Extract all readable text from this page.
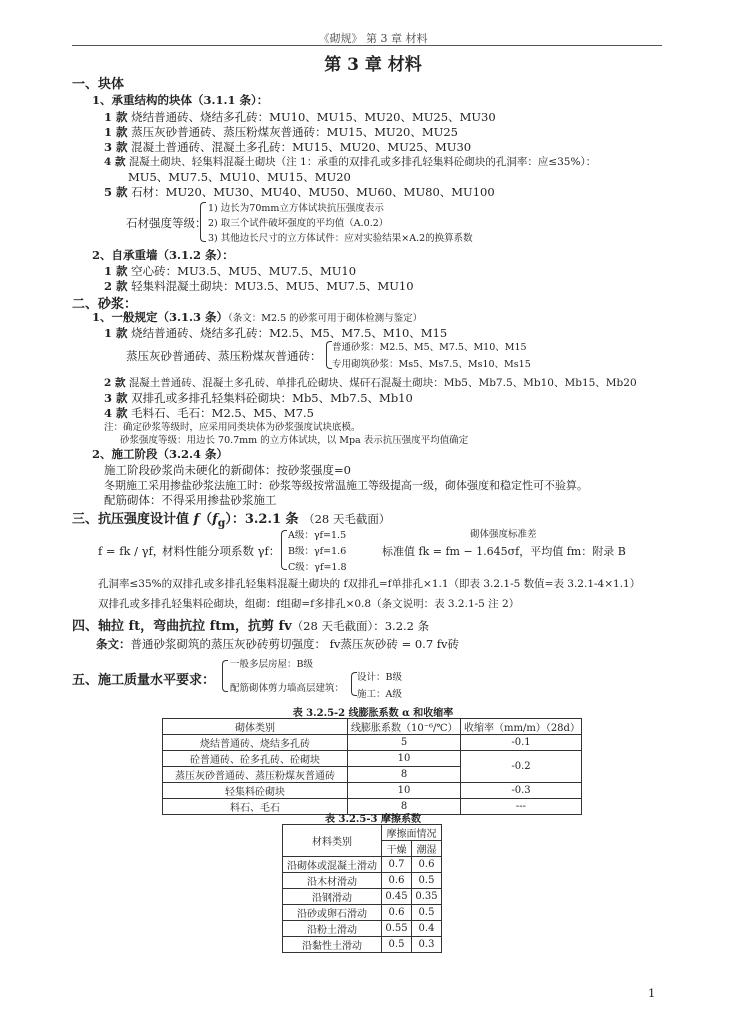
《砌规》 第 3 章 材料
第 3 章 材料
一、块体
1、承重结构的块体（3.1.1 条）：
1 款 烧结普通砖、烧结多孔砖：MU10、MU15、MU20、MU25、MU30
1 款 蒸压灰砂普通砖、蒸压粉煤灰普通砖：MU15、MU20、MU25
3 款 混凝土普通砖、混凝土多孔砖：MU15、MU20、MU25、MU30
4 款 混凝土砌块、轻集料混凝土砌块（注 1：承重的双排孔或多排孔轻集料砼砌块的孔洞率：应≤35%）：
MU5、MU7.5、MU10、MU15、MU20
5 款 石材：MU20、MU30、MU40、MU50、MU60、MU80、MU100
石材强度等级：
1) 边长为70mm立方体试块抗压强度表示
2) 取三个试件破坏强度的平均值（A.0.2）
3) 其他边长尺寸的立方体试件：应对实验结果×A.2的换算系数
2、自承重墙（3.1.2 条）：
1 款 空心砖：MU3.5、MU5、MU7.5、MU10
2 款 轻集料混凝土砌块：MU3.5、MU5、MU7.5、MU10
二、砂浆：
1、一般规定（3.1.3 条）（条文：M2.5 的砂浆可用于砌体检测与鉴定）
1 款 烧结普通砖、烧结多孔砖：M2.5、M5、M7.5、M10、M15
蒸压灰砂普通砖、蒸压粉煤灰普通砖：
普通砂浆：M2.5、M5、M7.5、M10、M15
专用砌筑砂浆：Ms5、Ms7.5、Ms10、Ms15
2 款 混凝土普通砖、混凝土多孔砖、单排孔砼砌块、煤矸石混凝土砌块：Mb5、Mb7.5、Mb10、Mb15、Mb20
3 款 双排孔或多排孔轻集料砼砌块：Mb5、Mb7.5、Mb10
4 款 毛料石、毛石：M2.5、M5、M7.5
注：确定砂浆等级时，应采用同类块体为砂浆强度试块底模。
砂浆强度等级：用边长 70.7mm 的立方体试块，以 Mpa 表示抗压强度平均值确定
2、施工阶段（3.2.4 条）
施工阶段砂浆尚未硬化的新砌体：按砂浆强度=0
冬期施工采用掺盐砂浆法施工时：砂浆等级按常温施工等级提高一级，砌体强度和稳定性可不验算。
配筋砌体：不得采用掺盐砂浆施工
三、抗压强度设计值 $f(f_g)$：3.2.1 条 （28 天毛截面）
砌体强度标准差
f = fk / γf，
材料性能分项系数 γf：
A级：γf=1.5
B级：γf=1.6
C级：γf=1.8
标准值 fk = fm − 1.645σf，平均值 fm：附录 B
孔洞率≤35%的双排孔或多排孔轻集料混凝土砌块的 f双排孔=f单排孔×1.1（即表 3.2.1-5 数值=表 3.2.1-4×1.1）
双排孔或多排孔轻集料砼砌块，组砌：f组砌=f多排孔×0.8（条文说明：表 3.2.1-5 注 2）
四、轴拉 ft，弯曲抗拉 ftm，抗剪 fv（28 天毛截面）：3.2.2 条
条文：普通砂浆砌筑的蒸压灰砂砖剪切强度： fv蒸压灰砂砖 = 0.7 fv砖
五、施工质量水平要求：
一般多层房屋：B级
配筋砌体剪力墙高层建筑：
设计：B级
施工：A级
表 3.2.5-2 线膨胀系数 α 和收缩率
砌体类别	线膨胀系数（10⁻⁶/℃）	收缩率（mm/m）（28d）
烧结普通砖、烧结多孔砖	5	-0.1
砼普通砖、砼多孔砖、砼砌块	10	-0.2
蒸压灰砂普通砖、蒸压粉煤灰普通砖	8	
轻集料砼砌块	10	-0.3
料石、毛石	8	---
表 3.2.5-3 摩擦系数
材料类别	摩擦面情况	
	干燥	潮湿
沿砌体或混凝土滑动	0.7	0.6
沿木材滑动	0.6	0.5
沿钢滑动	0.45	0.35
沿砂或卵石滑动	0.6	0.5
沿粉土滑动	0.55	0.4
沿黏性土滑动	0.5	0.3
1
